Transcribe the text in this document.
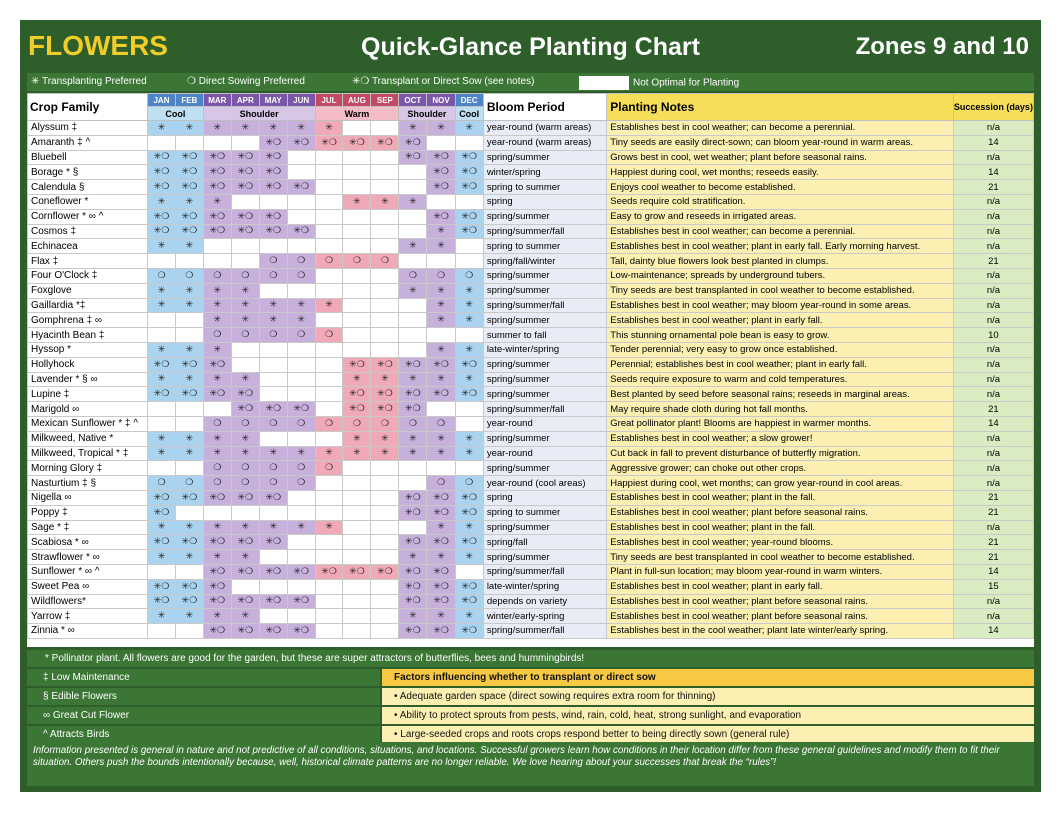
FLOWERS	Quick-Glance Planting Chart	Zones 9 and 10
✳ Transplanting Preferred	❍ Direct Sowing Preferred	✳❍ Transplant or Direct Sow (see notes)	Not Optimal for Planting
Crop Family	JAN	FEB	MAR	APR	MAY	JUN	JUL	AUG	SEP	OCT	NOV	DEC	Bloom Period	Planting Notes	Succession (days)
	Cool		Shoulder				Warm			Shoulder		Cool			
Alyssum ‡	✳	✳	✳	✳	✳	✳	✳			✳	✳	✳	year-round (warm areas)	Establishes best in cool weather; can become a perennial.	n/a
Amaranth ‡ ^					✳❍	✳❍	✳❍	✳❍	✳❍	✳❍			year-round (warm areas)	Tiny seeds are easily direct-sown; can bloom year-round in warm areas.	14
Bluebell	✳❍	✳❍	✳❍	✳❍	✳❍					✳❍	✳❍	✳❍	spring/summer	Grows best in cool, wet weather; plant before seasonal rains.	n/a
Borage * §	✳❍	✳❍	✳❍	✳❍	✳❍						✳❍	✳❍	winter/spring	Happiest during cool, wet months; reseeds easily.	14
Calendula §	✳❍	✳❍	✳❍	✳❍	✳❍	✳❍					✳❍	✳❍	spring to summer	Enjoys cool weather to become established.	21
Coneflower *	✳	✳	✳					✳	✳	✳			spring	Seeds require cold stratification.	n/a
Cornflower * ∞ ^	✳❍	✳❍	✳❍	✳❍	✳❍						✳❍	✳❍	spring/summer	Easy to grow and reseeds in irrigated areas.	n/a
Cosmos ‡	✳❍	✳❍	✳❍	✳❍	✳❍	✳❍					✳	✳❍	spring/summer/fall	Establishes best in cool weather; can become a perennial.	n/a
Echinacea	✳	✳								✳	✳		spring to summer	Establishes best in cool weather; plant in early fall. Early morning harvest.	n/a
Flax ‡					❍	❍	❍	❍	❍				spring/fall/winter	Tall, dainty blue flowers look best planted in clumps.	21
Four O'Clock ‡	❍	❍	❍	❍	❍	❍				❍	❍	❍	spring/summer	Low-maintenance; spreads by underground tubers.	n/a
Foxglove	✳	✳	✳	✳						✳	✳	✳	spring/summer	Tiny seeds are best transplanted in cool weather to become established.	n/a
Gaillardia *‡	✳	✳	✳	✳	✳	✳	✳				✳	✳	spring/summer/fall	Establishes best in cool weather; may bloom year-round in some areas.	n/a
Gomphrena ‡ ∞			✳	✳	✳	✳					✳	✳	spring/summer	Establishes best in cool weather; plant in early fall.	n/a
Hyacinth Bean ‡			❍	❍	❍	❍	❍						summer to fall	This stunning ornamental pole bean is easy to grow.	10
Hyssop *	✳	✳	✳								✳	✳	late-winter/spring	Tender perennial; very easy to grow once established.	n/a
Hollyhock	✳❍	✳❍	✳❍					✳❍	✳❍	✳❍	✳❍	✳❍	spring/summer	Perennial; establishes best in cool weather; plant in early fall.	n/a
Lavender * § ∞	✳	✳	✳	✳				✳	✳	✳	✳	✳	spring/summer	Seeds require exposure to warm and cold temperatures.	n/a
Lupine ‡	✳❍	✳❍	✳❍	✳❍				✳❍	✳❍	✳❍	✳❍	✳❍	spring/summer	Best planted by seed before seasonal rains; reseeds in marginal areas.	n/a
Marigold ∞				✳❍	✳❍	✳❍		✳❍	✳❍	✳❍			spring/summer/fall	May require shade cloth during hot fall months.	21
Mexican Sunflower * ‡ ^			❍	❍	❍	❍	❍	❍	❍	❍	❍		year-round	Great pollinator plant! Blooms are happiest in warmer months.	14
Milkweed, Native *	✳	✳	✳	✳				✳	✳	✳	✳	✳	spring/summer	Establishes best in cool weather; a slow grower!	n/a
Milkweed, Tropical * ‡	✳	✳	✳	✳	✳	✳	✳	✳	✳	✳	✳	✳	year-round	Cut back in fall to prevent disturbance of butterfly migration.	n/a
Morning Glory ‡			❍	❍	❍	❍	❍						spring/summer	Aggressive grower; can choke out other crops.	n/a
Nasturtium ‡ §	❍	❍	❍	❍	❍	❍					❍	❍	year-round (cool areas)	Happiest during cool, wet months; can grow year-round in cool areas.	n/a
Nigella ∞	✳❍	✳❍	✳❍	✳❍	✳❍					✳❍	✳❍	✳❍	spring	Establishes best in cool weather; plant in the fall.	21
Poppy ‡	✳❍									✳❍	✳❍	✳❍	spring to summer	Establishes best in cool weather; plant before seasonal rains.	21
Sage * ‡	✳	✳	✳	✳	✳	✳	✳				✳	✳	spring/summer	Establishes best in cool weather; plant in the fall.	n/a
Scabiosa * ∞	✳❍	✳❍	✳❍	✳❍	✳❍					✳❍	✳❍	✳❍	spring/fall	Establishes best in cool weather; year-round blooms.	21
Strawflower * ∞	✳	✳	✳	✳						✳	✳	✳	spring/summer	Tiny seeds are best transplanted in cool weather to become established.	21
Sunflower * ∞ ^			✳❍	✳❍	✳❍	✳❍	✳❍	✳❍	✳❍	✳❍	✳❍		spring/summer/fall	Plant in full-sun location; may bloom year-round in warm winters.	14
Sweet Pea ∞	✳❍	✳❍	✳❍							✳❍	✳❍	✳❍	late-winter/spring	Establishes best in cool weather; plant in early fall.	15
Wildflowers*	✳❍	✳❍	✳❍	✳❍	✳❍	✳❍				✳❍	✳❍	✳❍	depends on variety	Establishes best in cool weather; plant before seasonal rains.	n/a
Yarrow ‡	✳	✳	✳	✳						✳	✳	✳	winter/early-spring	Establishes best in cool weather; plant before seasonal rains.	n/a
Zinnia * ∞			✳❍	✳❍	✳❍	✳❍				✳❍	✳❍	✳❍	spring/summer/fall	Establishes best in the cool weather; plant late winter/early spring.	14
* Pollinator plant. All flowers are good for the garden, but these are super attractors of butterflies, bees and hummingbirds!
‡ Low Maintenance
§ Edible Flowers
∞ Great Cut Flower
^ Attracts Birds
Factors influencing whether to transplant or direct sow
• Adequate garden space (direct sowing requires extra room for thinning)
• Ability to protect sprouts from pests, wind, rain, cold, heat, strong sunlight, and evaporation
• Large-seeded crops and roots crops respond better to being directly sown (general rule)
Information presented is general in nature and not predictive of all conditions, situations, and locations. Successful growers learn how conditions in their location differ from these general guidelines and modify them to fit their situation. Others push the bounds intentionally because, well, historical climate patterns are no longer reliable. We love hearing about your successes that break the “rules”!
